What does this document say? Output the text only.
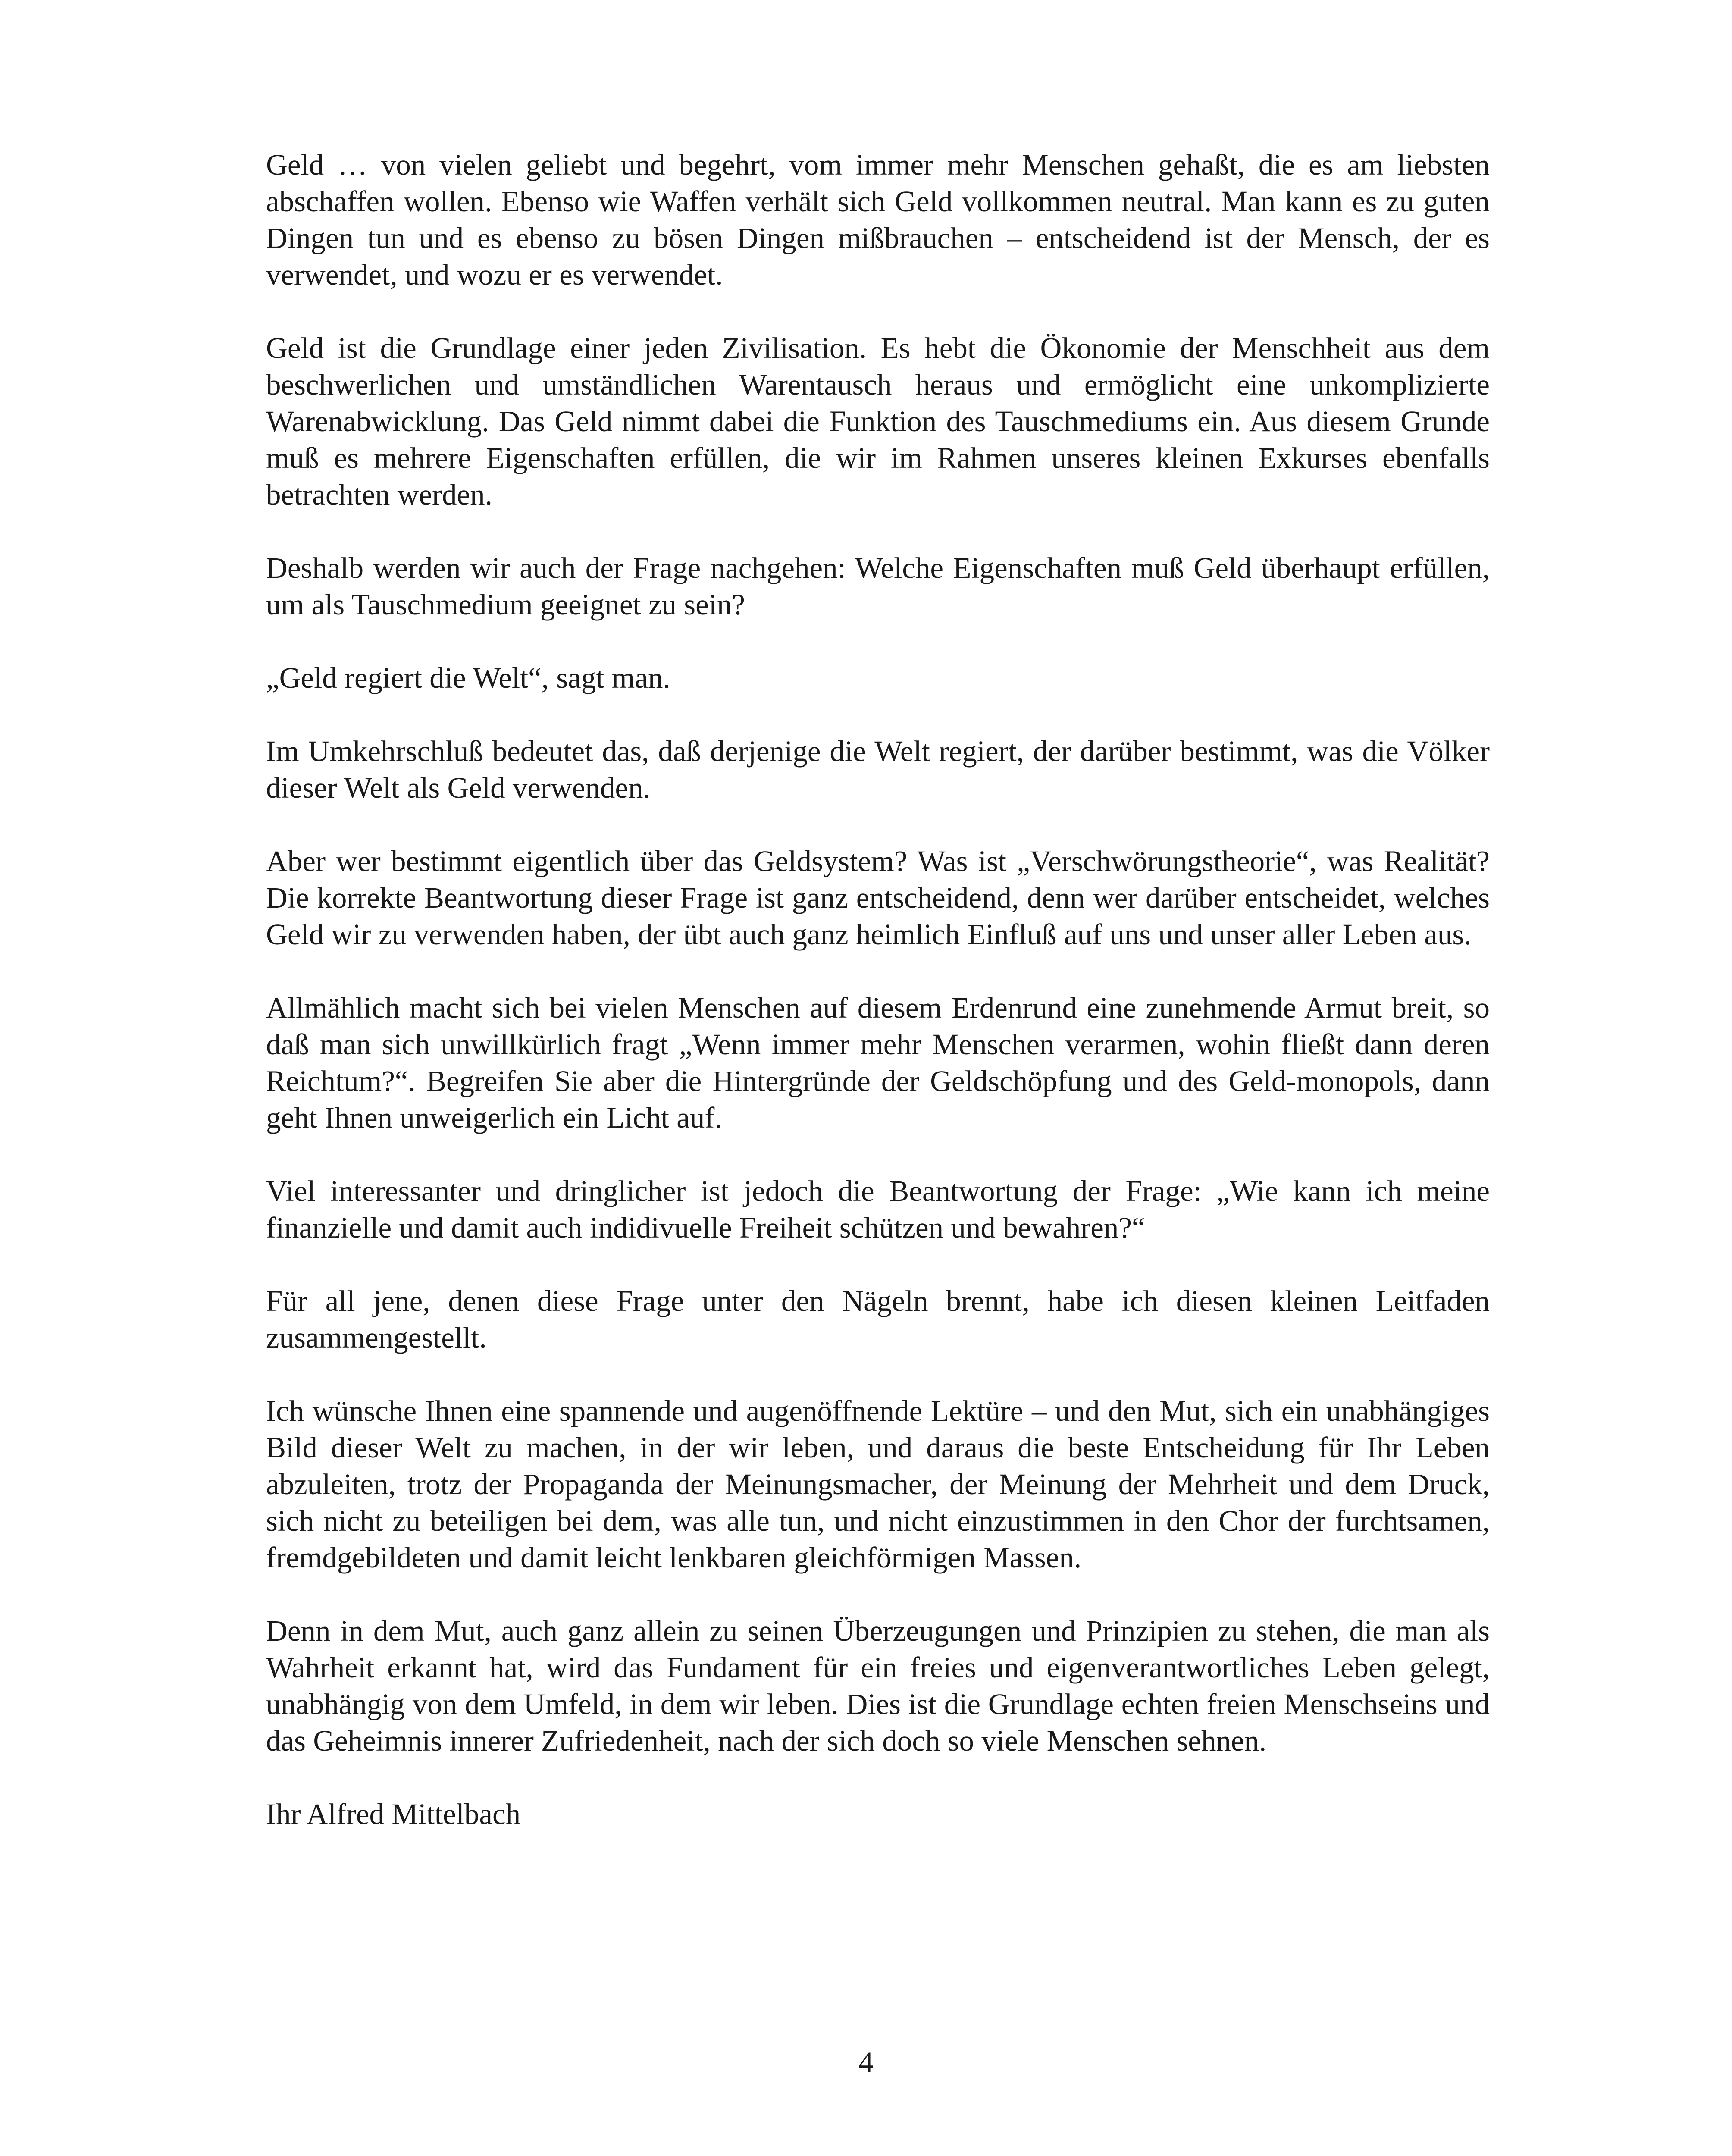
Geld … von vielen geliebt und begehrt, vom immer mehr Menschen gehaßt, die es am liebsten abschaffen wollen. Ebenso wie Waffen verhält sich Geld vollkommen neutral. Man kann es zu guten Dingen tun und es ebenso zu bösen Dingen mißbrauchen – entscheidend ist der Mensch, der es verwendet, und wozu er es verwendet.

Geld ist die Grundlage einer jeden Zivilisation. Es hebt die Ökonomie der Menschheit aus dem beschwerlichen und umständlichen Warentausch heraus und ermöglicht eine unkomplizierte Warenabwicklung. Das Geld nimmt dabei die Funktion des Tauschmediums ein. Aus diesem Grunde muß es mehrere Eigenschaften erfüllen, die wir im Rahmen unseres kleinen Exkurses ebenfalls betrachten werden.

Deshalb werden wir auch der Frage nachgehen: Welche Eigenschaften muß Geld überhaupt erfüllen, um als Tauschmedium geeignet zu sein?

„Geld regiert die Welt“, sagt man.

Im Umkehrschluß bedeutet das, daß derjenige die Welt regiert, der darüber bestimmt, was die Völker dieser Welt als Geld verwenden.

Aber wer bestimmt eigentlich über das Geldsystem? Was ist „Verschwörungstheorie“, was Realität? Die korrekte Beantwortung dieser Frage ist ganz entscheidend, denn wer darüber entscheidet, welches Geld wir zu verwenden haben, der übt auch ganz heimlich Einfluß auf uns und unser aller Leben aus.

Allmählich macht sich bei vielen Menschen auf diesem Erdenrund eine zunehmende Armut breit, so daß man sich unwillkürlich fragt „Wenn immer mehr Menschen verarmen, wohin fließt dann deren Reichtum?“. Begreifen Sie aber die Hintergründe der Geldschöpfung und des Geld-monopols, dann geht Ihnen unweigerlich ein Licht auf.

Viel interessanter und dringlicher ist jedoch die Beantwortung der Frage: „Wie kann ich meine finanzielle und damit auch indidivuelle Freiheit schützen und bewahren?“

Für all jene, denen diese Frage unter den Nägeln brennt, habe ich diesen kleinen Leitfaden zusammengestellt.

Ich wünsche Ihnen eine spannende und augenöffnende Lektüre – und den Mut, sich ein unabhängiges Bild dieser Welt zu machen, in der wir leben, und daraus die beste Entscheidung für Ihr Leben abzuleiten, trotz der Propaganda der Meinungsmacher, der Meinung der Mehrheit und dem Druck, sich nicht zu beteiligen bei dem, was alle tun, und nicht einzustimmen in den Chor der furchtsamen, fremdgebildeten und damit leicht lenkbaren gleichförmigen Massen.

Denn in dem Mut, auch ganz allein zu seinen Überzeugungen und Prinzipien zu stehen, die man als Wahrheit erkannt hat, wird das Fundament für ein freies und eigenverantwortliches Leben gelegt, unabhängig von dem Umfeld, in dem wir leben. Dies ist die Grundlage echten freien Menschseins und das Geheimnis innerer Zufriedenheit, nach der sich doch so viele Menschen sehnen.

Ihr Alfred Mittelbach

4
